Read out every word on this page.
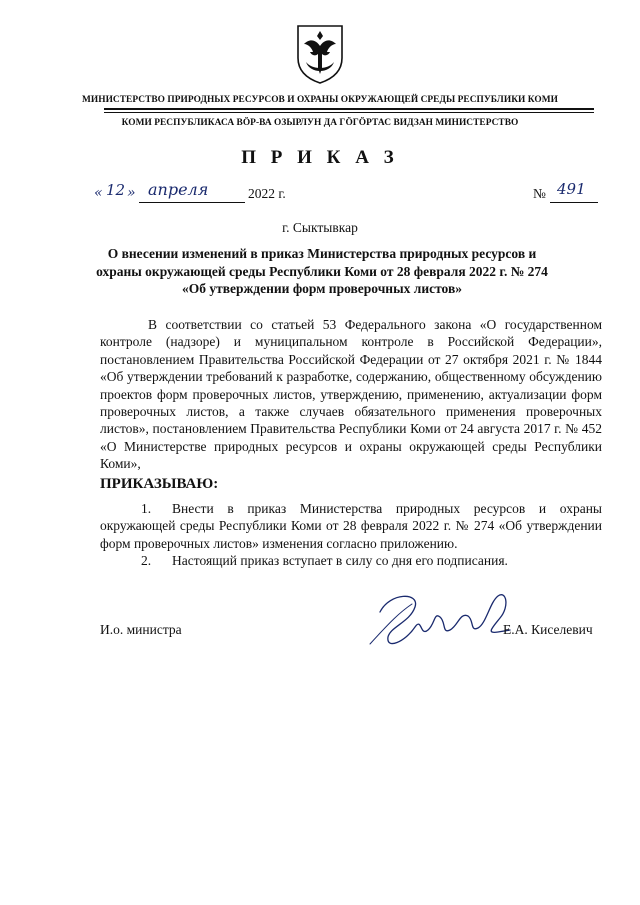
МИНИСТЕРСТВО ПРИРОДНЫХ РЕСУРСОВ И ОХРАНЫ ОКРУЖАЮЩЕЙ СРЕДЫ РЕСПУБЛИКИ КОМИ
КОМИ РЕСПУБЛИКАСА ВÖР-ВА ОЗЫРЛУН ДА ГÖГÖРТАС ВИДЗАН МИНИСТЕРСТВО
П Р И К А З
« 12 » апреля	2022 г.	№ 491
г. Сыктывкар
О внесении изменений в приказ Министерства природных ресурсов и охраны окружающей среды Республики Коми от 28 февраля 2022 г. № 274 «Об утверждении форм проверочных листов»
В соответствии со статьей 53 Федерального закона «О государственном контроле (надзоре) и муниципальном контроле в Российской Федерации», постановлением Правительства Российской Федерации от 27 октября 2021 г. № 1844 «Об утверждении требований к разработке, содержанию, общественному обсуждению проектов форм проверочных листов, утверждению, применению, актуализации форм проверочных листов, а также случаев обязательного применения проверочных листов», постановлением Правительства Республики Коми от 24 августа 2017 г. № 452 «О Министерстве природных ресурсов и охраны окружающей среды Республики Коми»,
ПРИКАЗЫВАЮ:
1. Внести в приказ Министерства природных ресурсов и охраны окружающей среды Республики Коми от 28 февраля 2022 г. № 274 «Об утверждении форм проверочных листов» изменения согласно приложению.
2. Настоящий приказ вступает в силу со дня его подписания.
И.о. министра	Е.А. Киселевич
